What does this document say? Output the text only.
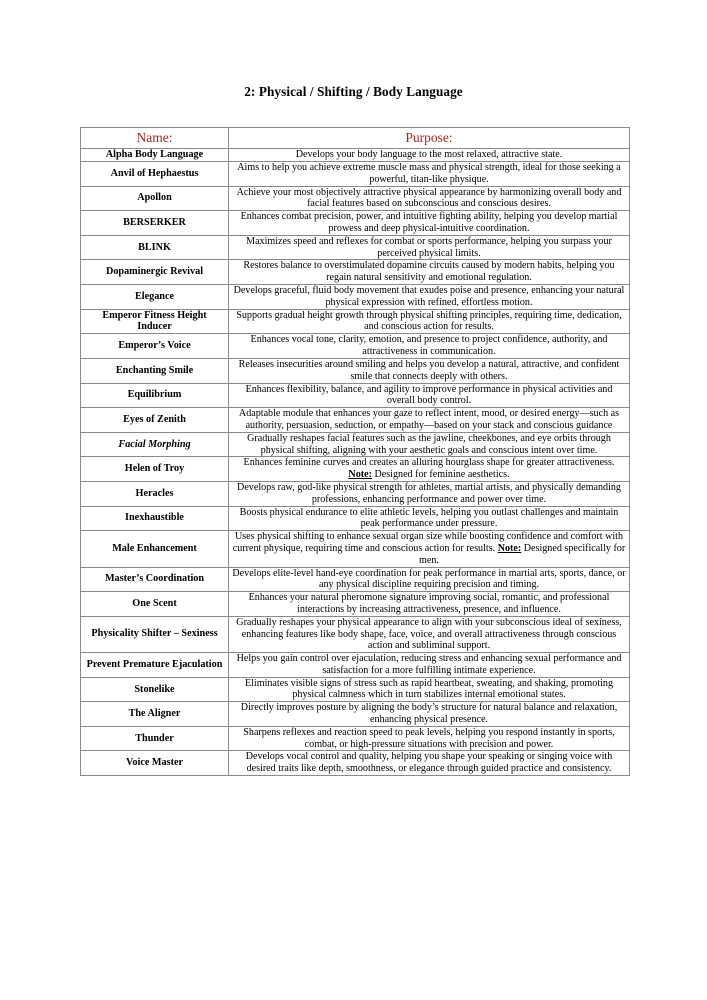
2: Physical / Shifting / Body Language
Name:	Purpose:
Alpha Body Language	Develops your body language to the most relaxed, attractive state.
Anvil of Hephaestus	Aims to help you achieve extreme muscle mass and physical strength, ideal for those seeking a powerful, titan-like physique.
Apollon	Achieve your most objectively attractive physical appearance by harmonizing overall body and facial features based on subconscious and conscious desires.
BERSERKER	Enhances combat precision, power, and intuitive fighting ability, helping you develop martial prowess and deep physical-intuitive coordination.
BLINK	Maximizes speed and reflexes for combat or sports performance, helping you surpass your perceived physical limits.
Dopaminergic Revival	Restores balance to overstimulated dopamine circuits caused by modern habits, helping you regain natural sensitivity and emotional regulation.
Elegance	Develops graceful, fluid body movement that exudes poise and presence, enhancing your natural physical expression with refined, effortless motion.
Emperor Fitness Height Inducer	Supports gradual height growth through physical shifting principles, requiring time, dedication, and conscious action for results.
Emperor’s Voice	Enhances vocal tone, clarity, emotion, and presence to project confidence, authority, and attractiveness in communication.
Enchanting Smile	Releases insecurities around smiling and helps you develop a natural, attractive, and confident smile that connects deeply with others.
Equilibrium	Enhances flexibility, balance, and agility to improve performance in physical activities and overall body control.
Eyes of Zenith	Adaptable module that enhances your gaze to reflect intent, mood, or desired energy—such as authority, persuasion, seduction, or empathy—based on your stack and conscious guidance
Facial Morphing	Gradually reshapes facial features such as the jawline, cheekbones, and eye orbits through physical shifting, aligning with your aesthetic goals and conscious intent over time.
Helen of Troy	Enhances feminine curves and creates an alluring hourglass shape for greater attractiveness. Note: Designed for feminine aesthetics.
Heracles	Develops raw, god-like physical strength for athletes, martial artists, and physically demanding professions, enhancing performance and power over time.
Inexhaustible	Boosts physical endurance to elite athletic levels, helping you outlast challenges and maintain peak performance under pressure.
Male Enhancement	Uses physical shifting to enhance sexual organ size while boosting confidence and comfort with current physique, requiring time and conscious action for results. Note: Designed specifically for men.
Master’s Coordination	Develops elite-level hand-eye coordination for peak performance in martial arts, sports, dance, or any physical discipline requiring precision and timing.
One Scent	Enhances your natural pheromone signature improving social, romantic, and professional interactions by increasing attractiveness, presence, and influence.
Physicality Shifter – Sexiness	Gradually reshapes your physical appearance to align with your subconscious ideal of sexiness, enhancing features like body shape, face, voice, and overall attractiveness through conscious action and subliminal support.
Prevent Premature Ejaculation	Helps you gain control over ejaculation, reducing stress and enhancing sexual performance and satisfaction for a more fulfilling intimate experience.
Stonelike	Eliminates visible signs of stress such as rapid heartbeat, sweating, and shaking, promoting physical calmness which in turn stabilizes internal emotional states.
The Aligner	Directly improves posture by aligning the body’s structure for natural balance and relaxation, enhancing physical presence.
Thunder	Sharpens reflexes and reaction speed to peak levels, helping you respond instantly in sports, combat, or high-pressure situations with precision and power.
Voice Master	Develops vocal control and quality, helping you shape your speaking or singing voice with desired traits like depth, smoothness, or elegance through guided practice and consistency.
